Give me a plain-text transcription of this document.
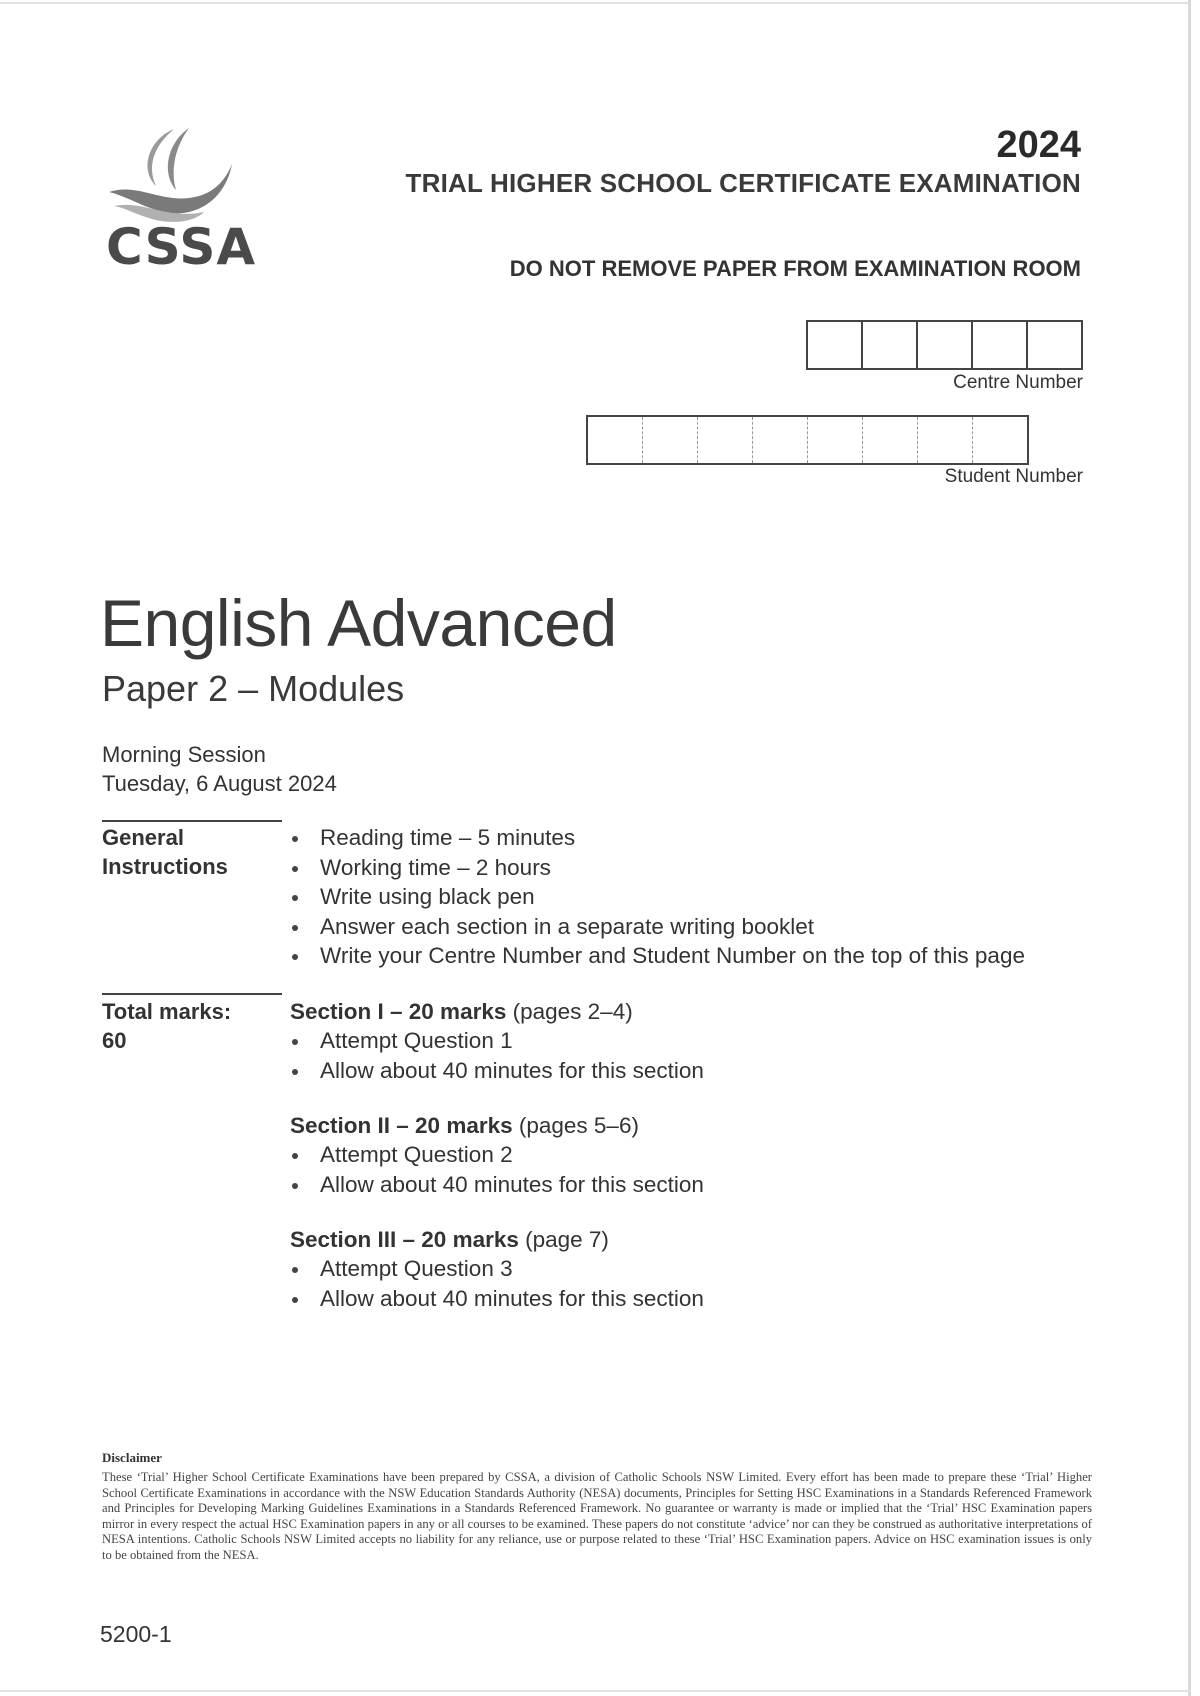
CSSA
2024
TRIAL HIGHER SCHOOL CERTIFICATE EXAMINATION
DO NOT REMOVE PAPER FROM EXAMINATION ROOM
Centre Number
Student Number
English Advanced
Paper 2 – Modules
Morning Session
Tuesday, 6 August 2024
General
Instructions
Reading time – 5 minutes
Working time – 2 hours
Write using black pen
Answer each section in a separate writing booklet
Write your Centre Number and Student Number on the top of this page
Total marks:
60
Section I – 20 marks (pages 2–4)
Attempt Question 1
Allow about 40 minutes for this section
Section II – 20 marks (pages 5–6)
Attempt Question 2
Allow about 40 minutes for this section
Section III – 20 marks (page 7)
Attempt Question 3
Allow about 40 minutes for this section
Disclaimer
These ‘Trial’ Higher School Certificate Examinations have been prepared by CSSA, a division of Catholic Schools NSW Limited. Every effort has been made to prepare these ‘Trial’ Higher School Certificate Examinations in accordance with the NSW Education Standards Authority (NESA) documents, Principles for Setting HSC Examinations in a Standards Referenced Framework and Principles for Developing Marking Guidelines Examinations in a Standards Referenced Framework. No guarantee or warranty is made or implied that the ‘Trial’ HSC Examination papers mirror in every respect the actual HSC Examination papers in any or all courses to be examined. These papers do not constitute ‘advice’ nor can they be construed as authoritative interpretations of NESA intentions. Catholic Schools NSW Limited accepts no liability for any reliance, use or purpose related to these ‘Trial’ HSC Examination papers. Advice on HSC examination issues is only to be obtained from the NESA.
5200-1
